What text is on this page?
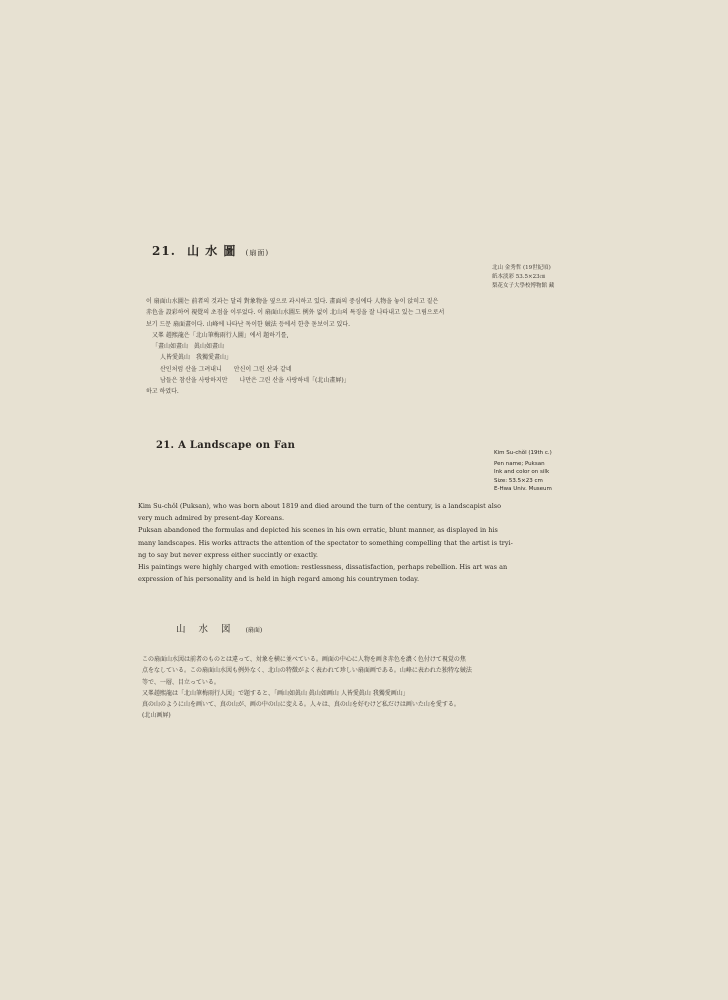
21. 山 水 圖 (扇面)
北山 金秀哲 (19世紀頃)
紙本淡彩 53.5×23㎝
梨花女子大學校博物館 藏

이 扇面山水圖는 前者의 것과는 달리 對象物을 옆으로 과시하고 있다. 畫面의 중심에다 人物을 놓이 앉히고 짙은

赤色을 設彩하여 視覺의 초점을 이루었다. 이 扇面山水圖도 例外 없이 北山의 특징을 잘 나타내고 있는 그림으로서

보기 드문 扇面畫이다. 山峰에 나타난 독이한 皴法 등에서 한층 돋보이고 있다.

又峯 趙熙龍은「北山筆梅雨行人圖」에서 題하기를,

「畫山如畫山　眞山如畫山

人皆愛眞山　我獨愛畫山」

산인처럼 산을 그려내니　　안신이 그린 산과 같네

남들은 참산을 사랑하지만　　나만은 그린 산을 사랑하네「(北山畫屛)」

하고 하였다.

21. A Landscape on Fan
Kim Su-chŏl (19th c.)
Pen name; Puksan
Ink and color on silk
Size: 53.5×23 cm
E-Hwa Univ. Museum

Kim Su-chŏl (Puksan), who was born about 1819 and died around the turn of the century, is a landscapist also

very much admired by present-day Koreans.

Puksan abandoned the formulas and depicted his scenes in his own erratic, blunt manner, as displayed in his

many landscapes. His works attracts the attention of the spectator to something compelling that the artist is tryi-

ng to say but never express either succintly or exactly.

His paintings were highly charged with emotion: restlessness, dissatisfaction, perhaps rebellion. His art was an

expression of his personality and is held in high regard among his countrymen today.

山 水 図 (扇面)

この扇面山水図は前者のものとは違って、対象を横に並べている。画面の中心に人物を画き赤色を濃く色付けて視覚の焦

点をなしている。この扇面山水図も例外なく、北山の特徴がよく表われて珍しい扇面画である。山峰に表われた独特な皴法

等で、一層、目立っている。

又峯趙熙龍は「北山筆梅雨行人図」で題すると、「画山如眞山 眞山如画山 人皆愛眞山 我獨愛画山」

真の山のように山を画いて、真の山が、画の中の山に変える。人々は、真の山を好むけど私だけは画いた山を愛する。

(北山画屛)
